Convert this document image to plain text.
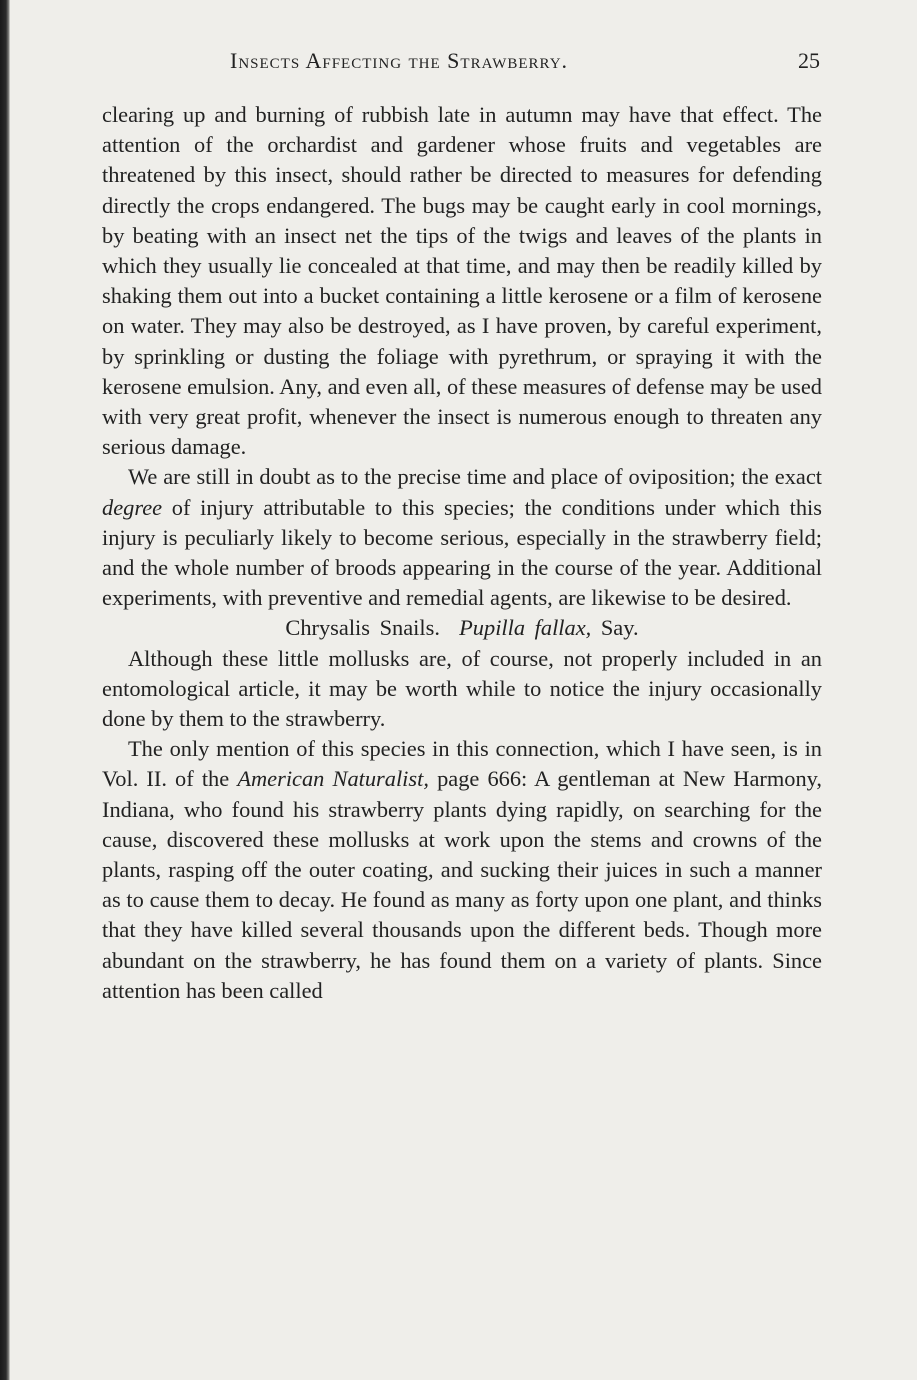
Insects Affecting the Strawberry.	25

clearing up and burning of rubbish late in autumn may have that effect. The attention of the orchardist and gardener whose fruits and vegetables are threatened by this insect, should rather be directed to measures for defending directly the crops endangered. The bugs may be caught early in cool mornings, by beating with an insect net the tips of the twigs and leaves of the plants in which they usually lie concealed at that time, and may then be readily killed by shaking them out into a bucket containing a little kerosene or a film of kerosene on water. They may also be destroyed, as I have proven, by careful experiment, by sprinkling or dusting the foliage with pyrethrum, or spraying it with the kerosene emulsion. Any, and even all, of these measures of defense may be used with very great profit, whenever the insect is numerous enough to threaten any serious damage.

We are still in doubt as to the precise time and place of oviposition; the exact degree of injury attributable to this species; the conditions under which this injury is peculiarly likely to become serious, especially in the strawberry field; and the whole number of broods appearing in the course of the year. Additional experiments, with preventive and remedial agents, are likewise to be desired.

Chrysalis Snails. Pupilla fallax, Say.

Although these little mollusks are, of course, not properly included in an entomological article, it may be worth while to notice the injury occasionally done by them to the strawberry.

The only mention of this species in this connection, which I have seen, is in Vol. II. of the American Naturalist, page 666: A gentleman at New Harmony, Indiana, who found his strawberry plants dying rapidly, on searching for the cause, discovered these mollusks at work upon the stems and crowns of the plants, rasping off the outer coating, and sucking their juices in such a manner as to cause them to decay. He found as many as forty upon one plant, and thinks that they have killed several thousands upon the different beds. Though more abundant on the strawberry, he has found them on a variety of plants. Since attention has been called
